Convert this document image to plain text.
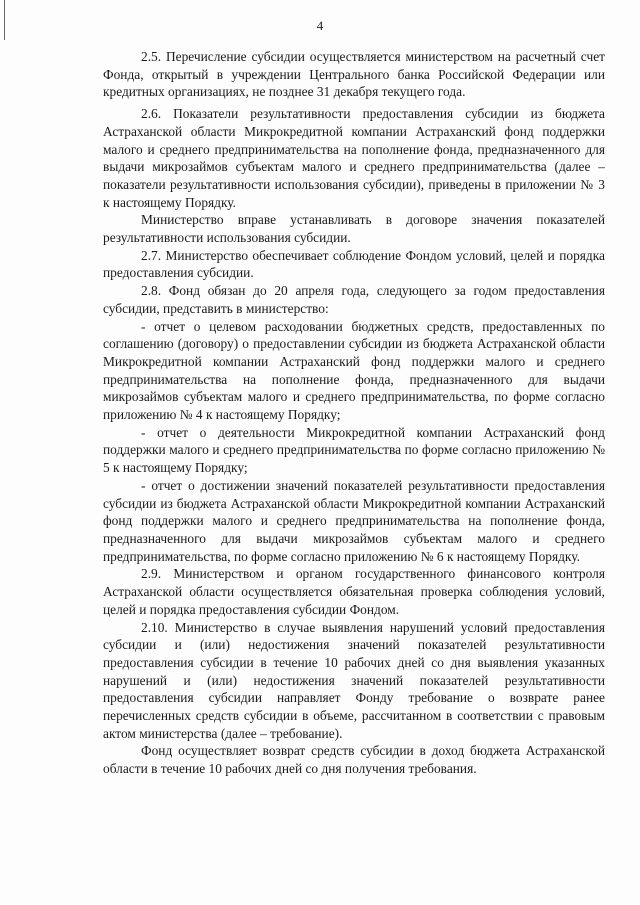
4

2.5. Перечисление субсидии осуществляется министерством на расчетный счет Фонда, открытый в учреждении Центрального банка Российской Федерации или кредитных организациях, не позднее 31 декабря текущего года.

2.6. Показатели результативности предоставления субсидии из бюджета Астраханской области Микрокредитной компании Астраханский фонд поддержки малого и среднего предпринимательства на пополнение фонда, предназначенного для выдачи микрозаймов субъектам малого и среднего предпринимательства (далее – показатели результативности использования субсидии), приведены в приложении № 3 к настоящему Порядку.

Министерство вправе устанавливать в договоре значения показателей результативности использования субсидии.

2.7. Министерство обеспечивает соблюдение Фондом условий, целей и порядка предоставления субсидии.

2.8. Фонд обязан до 20 апреля года, следующего за годом предоставления субсидии, представить в министерство:

- отчет о целевом расходовании бюджетных средств, предоставленных по соглашению (договору) о предоставлении субсидии из бюджета Астраханской области Микрокредитной компании Астраханский фонд поддержки малого и среднего предпринимательства на пополнение фонда, предназначенного для выдачи микрозаймов субъектам малого и среднего предпринимательства, по форме согласно приложению № 4 к настоящему Порядку;

- отчет о деятельности Микрокредитной компании Астраханский фонд поддержки малого и среднего предпринимательства по форме согласно приложению № 5 к настоящему Порядку;

- отчет о достижении значений показателей результативности предоставления субсидии из бюджета Астраханской области Микрокредитной компании Астраханский фонд поддержки малого и среднего предпринимательства на пополнение фонда, предназначенного для выдачи микрозаймов субъектам малого и среднего предпринимательства, по форме согласно приложению № 6 к настоящему Порядку.

2.9. Министерством и органом государственного финансового контроля Астраханской области осуществляется обязательная проверка соблюдения условий, целей и порядка предоставления субсидии Фондом.

2.10. Министерство в случае выявления нарушений условий предоставления субсидии и (или) недостижения значений показателей результативности предоставления субсидии в течение 10 рабочих дней со дня выявления указанных нарушений и (или) недостижения значений показателей результативности предоставления субсидии направляет Фонду требование о возврате ранее перечисленных средств субсидии в объеме, рассчитанном в соответствии с правовым актом министерства (далее – требование).

Фонд осуществляет возврат средств субсидии в доход бюджета Астраханской области в течение 10 рабочих дней со дня получения требования.
